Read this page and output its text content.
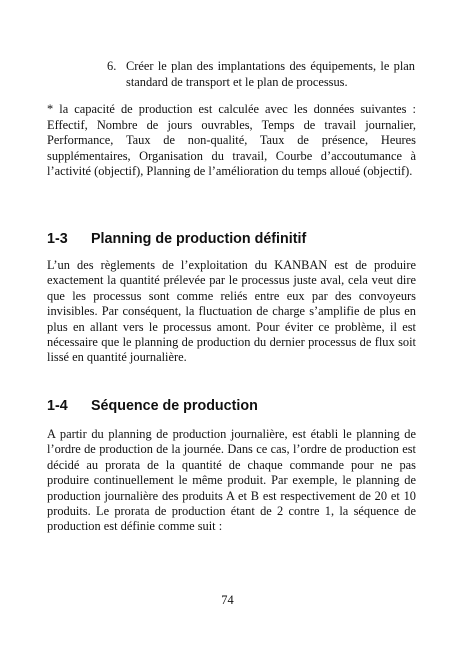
6. Créer le plan des implantations des équipements, le plan standard de transport et le plan de processus.

* la capacité de production est calculée avec les données suivantes : Effectif, Nombre de jours ouvrables, Temps de travail journalier, Performance, Taux de non-qualité, Taux de présence, Heures supplémentaires, Organisation du travail, Courbe d’accoutumance à l’activité (objectif), Planning de l’amélioration du temps alloué (objectif).

1-3	Planning de production définitif

L’un des règlements de l’exploitation du KANBAN est de produire exactement la quantité prélevée par le processus juste aval, cela veut dire que les processus sont comme reliés entre eux par des convoyeurs invisibles. Par conséquent, la fluctuation de charge s’amplifie de plus en plus en allant vers le processus amont. Pour éviter ce problème, il est nécessaire que le planning de production du dernier processus de flux soit lissé en quantité journalière.

1-4	Séquence de production

A partir du planning de production journalière, est établi le planning de l’ordre de production de la journée. Dans ce cas, l’ordre de production est décidé au prorata de la quantité de chaque commande pour ne pas produire continuellement le même produit. Par exemple, le planning de production journalière des produits A et B est respectivement de 20 et 10 produits. Le prorata de production étant de 2 contre 1, la séquence de production est définie comme suit :

74
